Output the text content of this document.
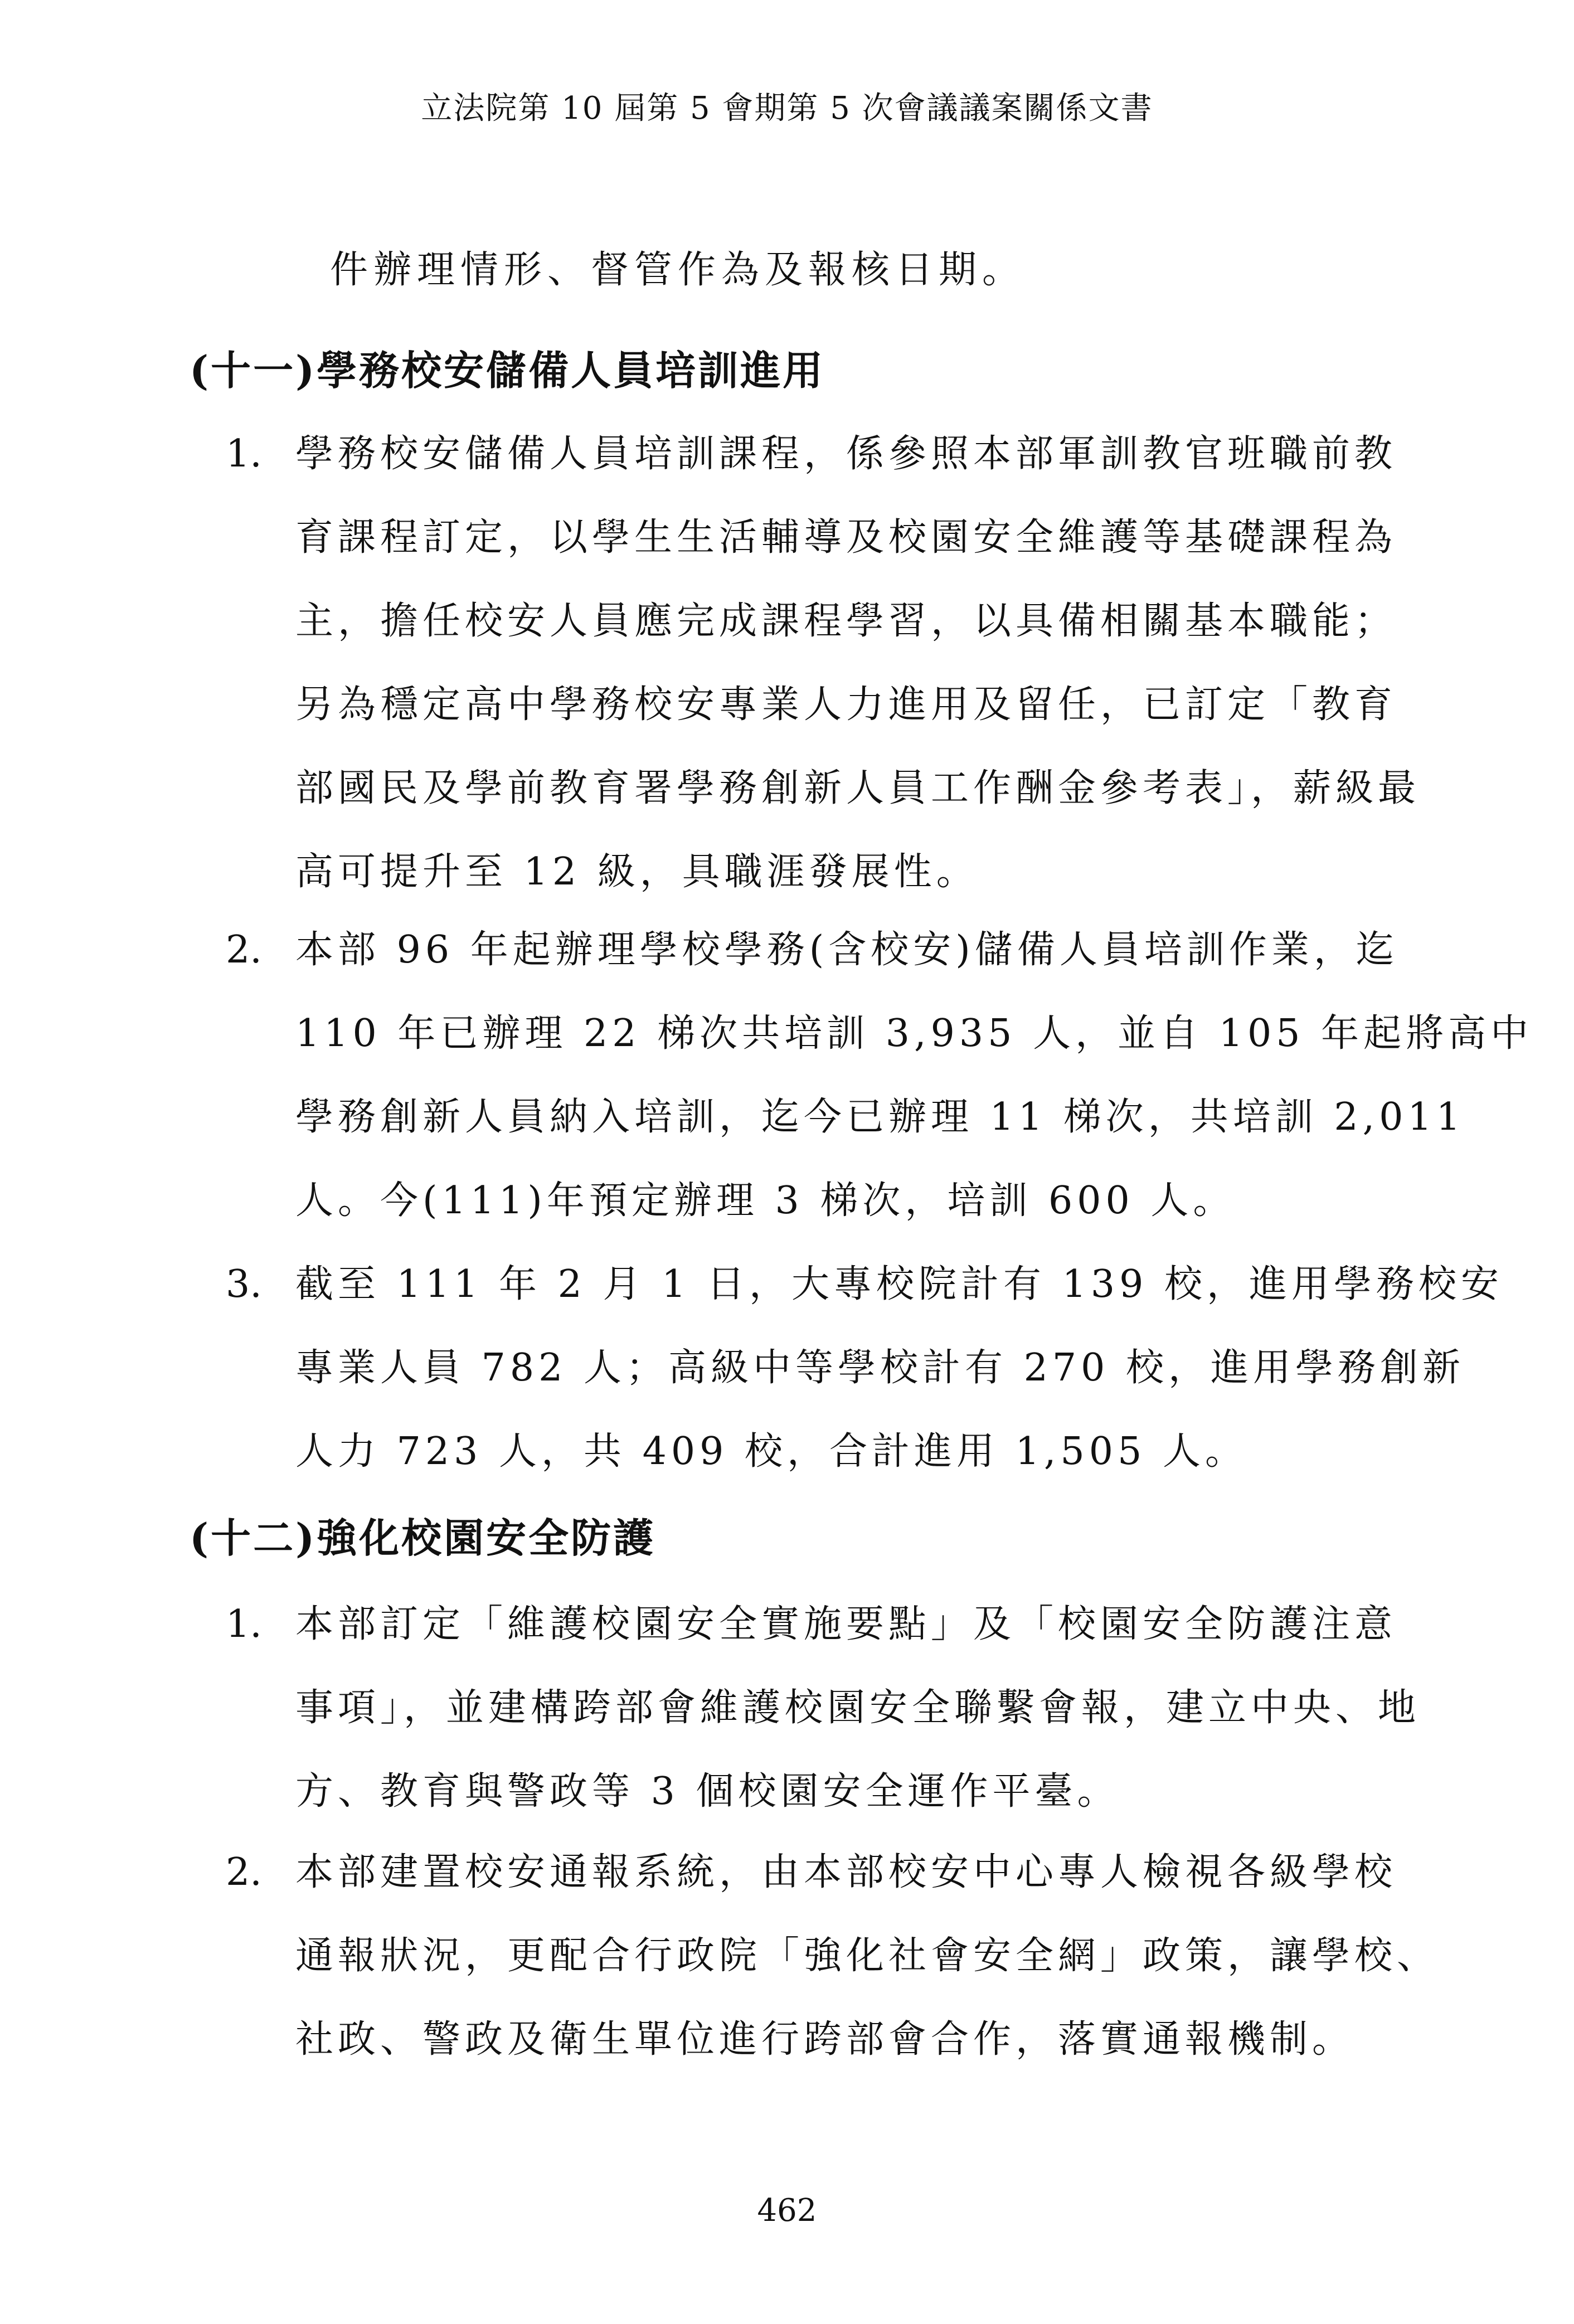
立法院第 10 屆第 5 會期第 5 次會議議案關係文書
件辦理情形、督管作為及報核日期。
(十一)學務校安儲備人員培訓進用
1. 學務校安儲備人員培訓課程，係參照本部軍訓教官班職前教
育課程訂定，以學生生活輔導及校園安全維護等基礎課程為
主，擔任校安人員應完成課程學習，以具備相關基本職能；
另為穩定高中學務校安專業人力進用及留任，已訂定「教育
部國民及學前教育署學務創新人員工作酬金參考表」，薪級最
高可提升至 12 級，具職涯發展性。
2. 本部 96 年起辦理學校學務(含校安)儲備人員培訓作業，迄
110 年已辦理 22 梯次共培訓 3,935 人，並自 105 年起將高中
學務創新人員納入培訓，迄今已辦理 11 梯次，共培訓 2,011
人。今(111)年預定辦理 3 梯次，培訓 600 人。
3. 截至 111 年 2 月 1 日，大專校院計有 139 校，進用學務校安
專業人員 782 人；高級中等學校計有 270 校，進用學務創新
人力 723 人，共 409 校，合計進用 1,505 人。
(十二)強化校園安全防護
1. 本部訂定「維護校園安全實施要點」及「校園安全防護注意
事項」，並建構跨部會維護校園安全聯繫會報，建立中央、地
方、教育與警政等 3 個校園安全運作平臺。
2. 本部建置校安通報系統，由本部校安中心專人檢視各級學校
通報狀況，更配合行政院「強化社會安全網」政策，讓學校、
社政、警政及衛生單位進行跨部會合作，落實通報機制。
462
